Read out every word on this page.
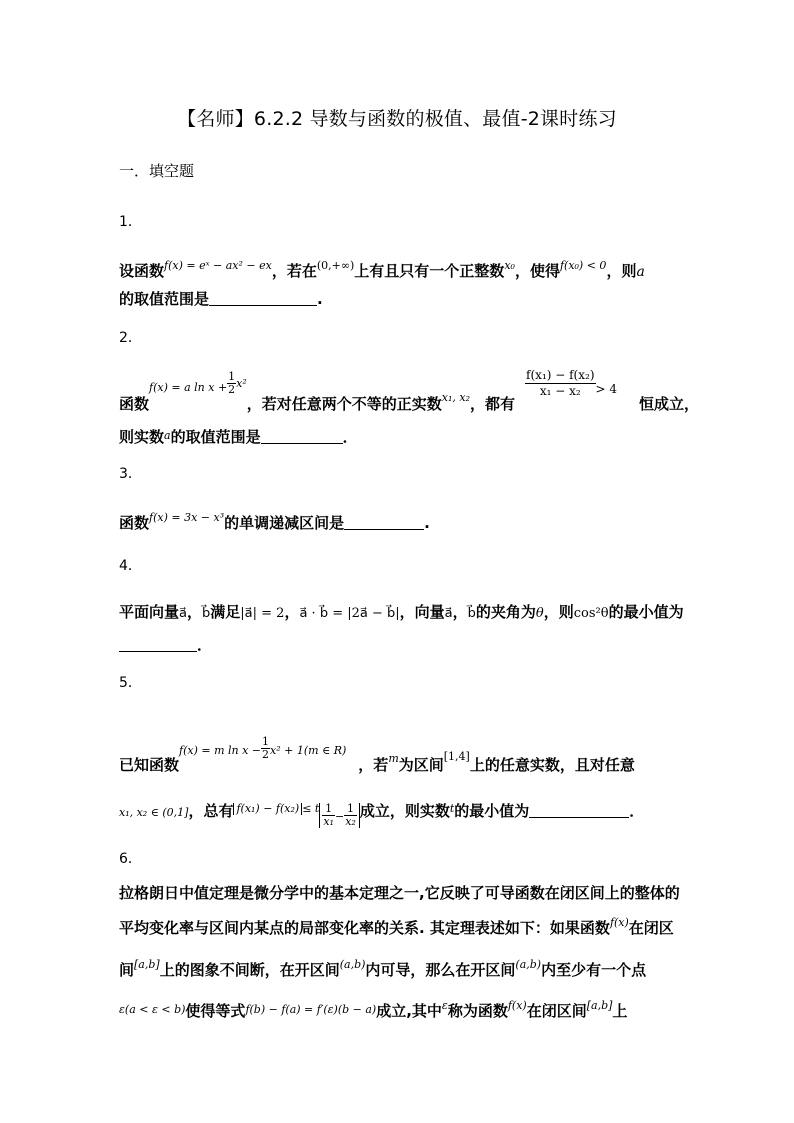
【名师】6.2.2 导数与函数的极值、最值-2课时练习
一．填空题
1．
设函数$^{f(x) = eˣ - ax^2 - ex}$，若在$^{(0,+\infty)}$上有且只有一个正整数$^{x_0}$，使得$^{f(x_0) < 0}$，则a
的取值范围是	.
2．
函数$^{f(x) = a ln x +} \frac{1}{2} ^{x^2}$，若对任意两个不等的正实数x₁, x₂，都有
$\frac{\text{f(x₁) − f(x₂)}}{\text{x₁ − x₂}} ^{> 4}$恒成立，
则实数$^a$的取值范围是	．
3．
函数$^{f(x) = 3x - x^3}$的单调递减区间是	.
4．
平面向量a⃗，b⃗满足|a⃗| = 2，a⃗ · b⃗ = |2a⃗ − b⃗|，向量a⃗，b⃗的夹角为θ，则cos²θ的最小值为
．
5．
已知函数$^{f(x) = m ln x -} \frac{1}{2} ^{x^2 + 1(m \in R)}$，若$^m$为区间[1,4]上的任意实数，且对任意
x₁, x₂ ∈ (0,1]，总有 f(x₁) − f(x₂) $^{\le t} \frac{1}{\text{x₁}} - \frac{1}{\text{x₂}}$ 成立，则实数$^t$的最小值为	．
6．
拉格朗日中值定理是微分学中的基本定理之一,它反映了可导函数在闭区间上的整体的
平均变化率与区间内某点的局部变化率的关系. 其定理表述如下：如果函数$^{f(x)}$在闭区
间[a,b]上的图象不间断，在开区间$^{(a,b)}$内可导，那么在开区间$^{(a,b)}$内至少有一个点
$^{\varepsilon(a < \varepsilon < b)}$使得等式$^{f(b) - f(a) = f'(\varepsilon)(b - a)}$成立,其中$^\varepsilon$称为函数$^{f(x)}$在闭区间[a,b]上
